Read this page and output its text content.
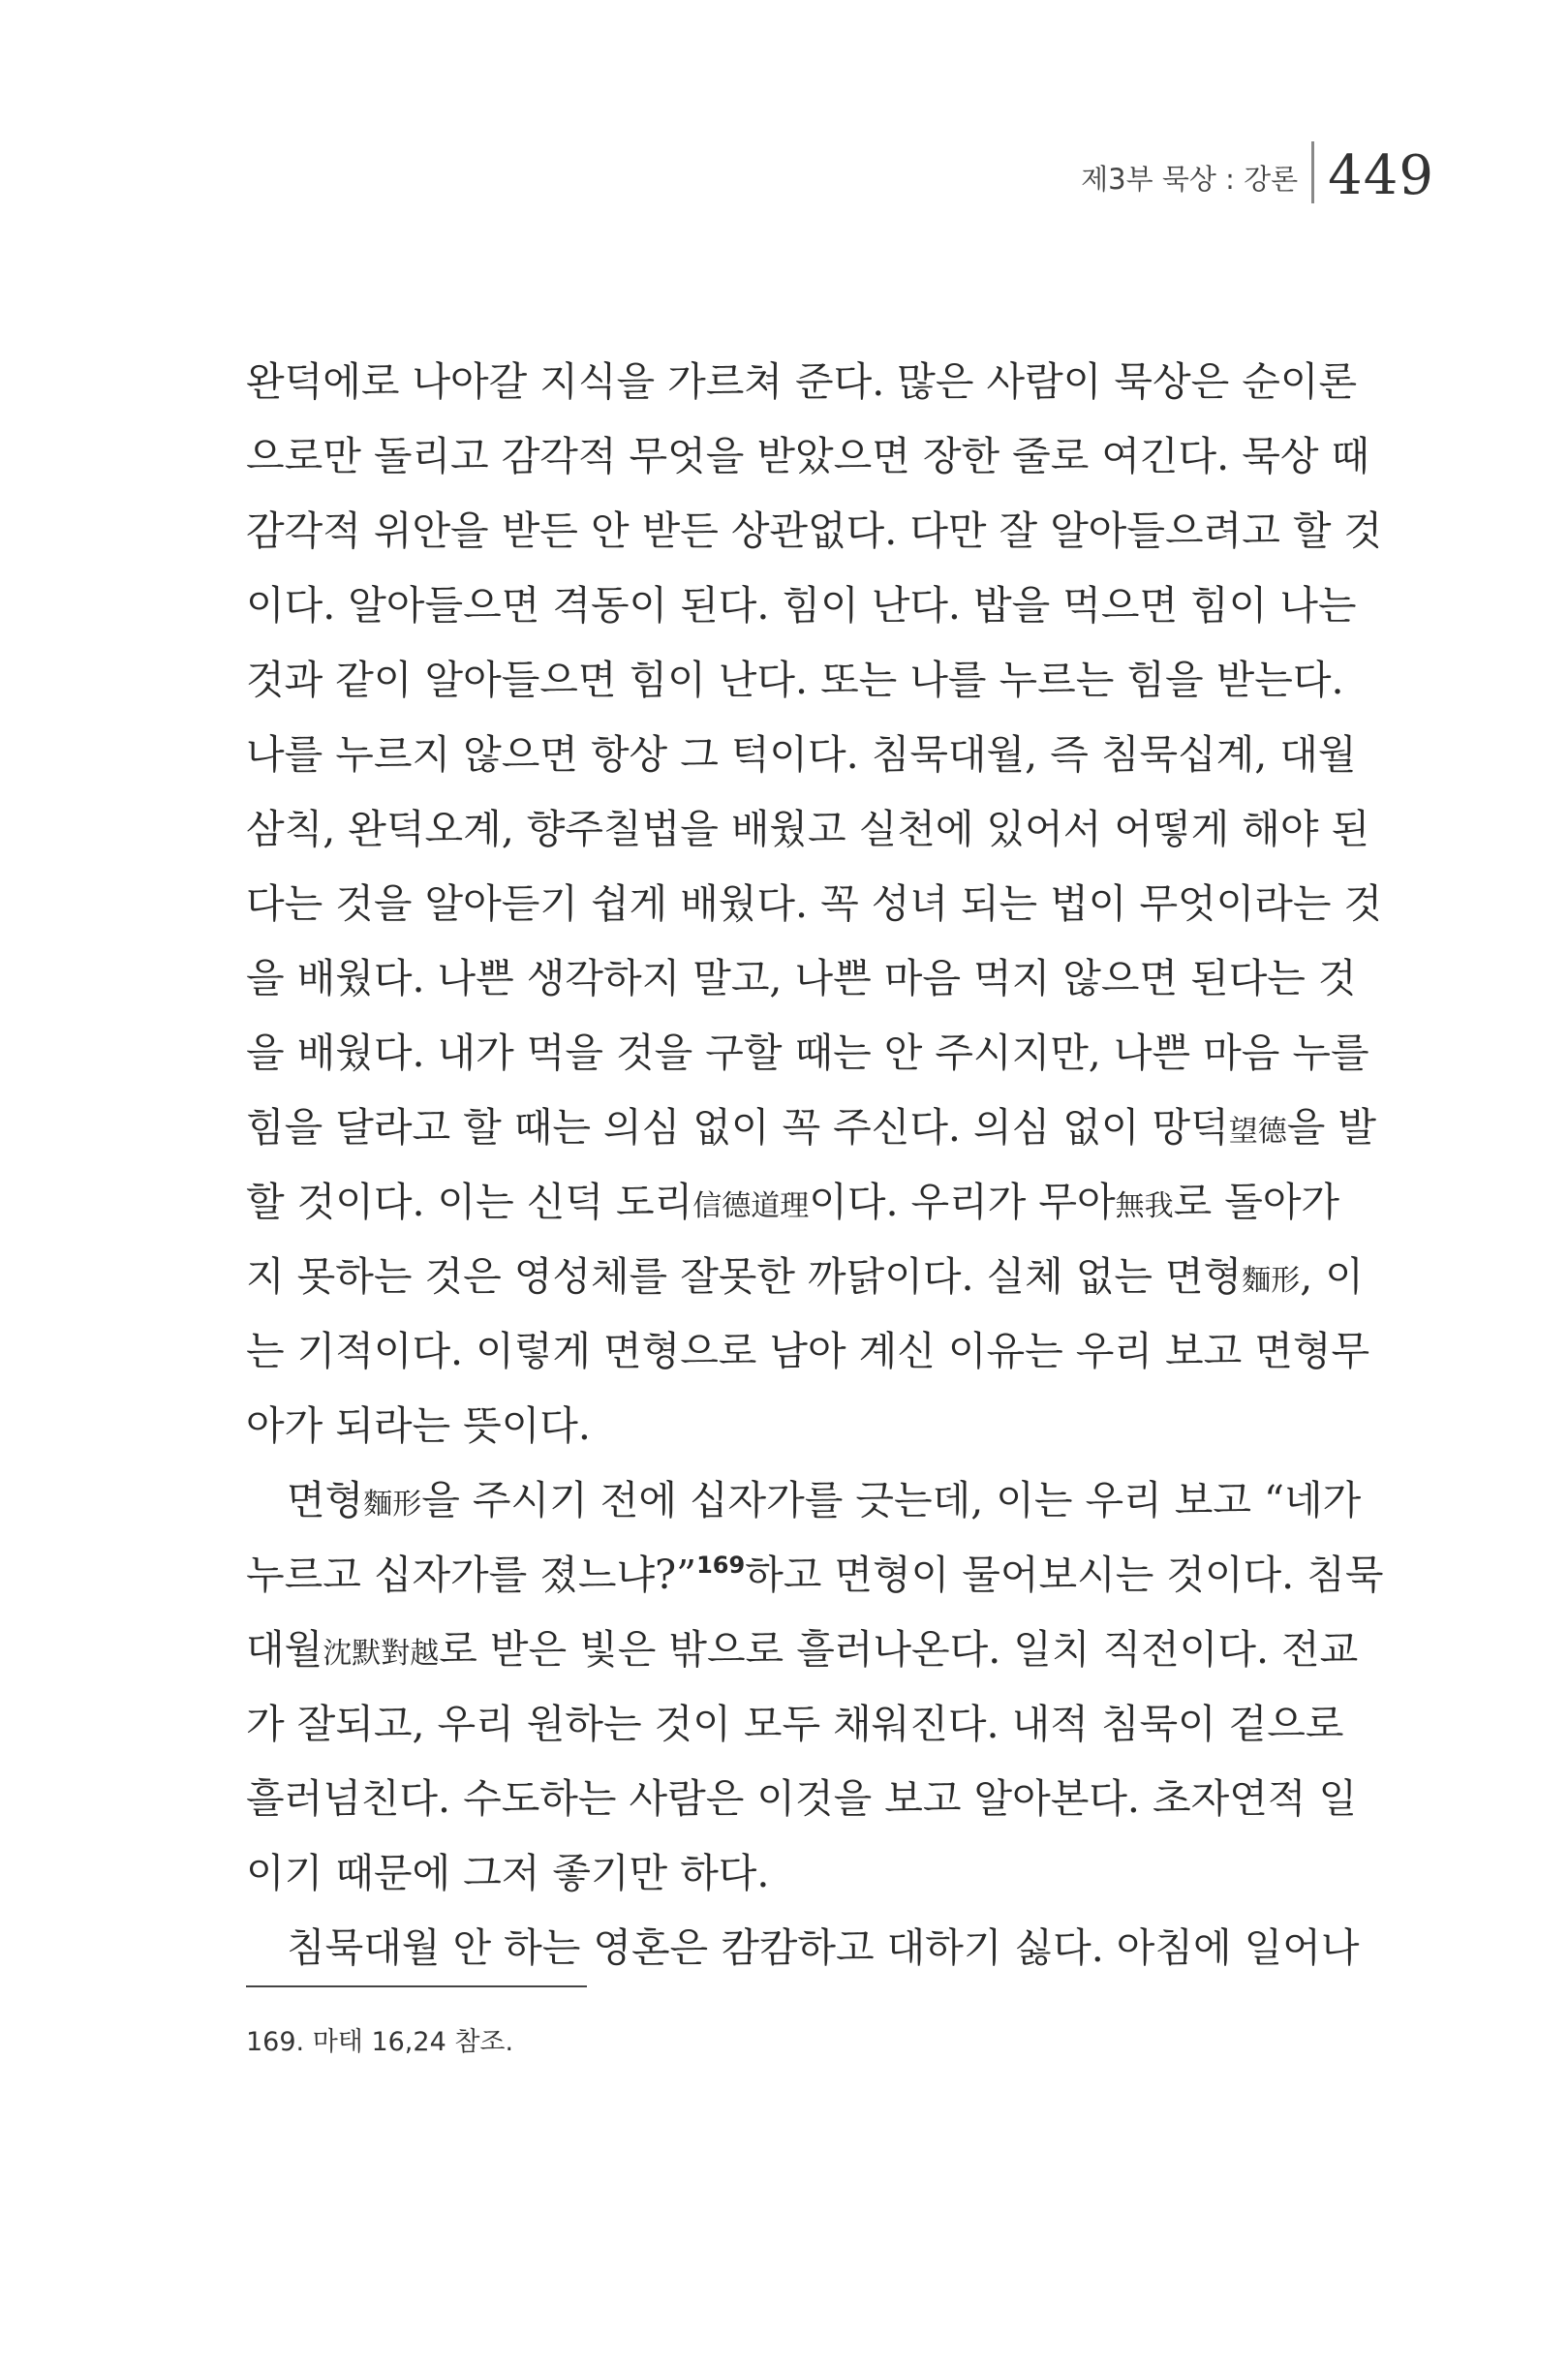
제3부 묵상 : 강론 449
완덕에로 나아갈 지식을 가르쳐 준다. 많은 사람이 묵상은 순이론
으로만 돌리고 감각적 무엇을 받았으면 장한 줄로 여긴다. 묵상 때
감각적 위안을 받든 안 받든 상관없다. 다만 잘 알아들으려고 할 것
이다. 알아들으면 격동이 된다. 힘이 난다. 밥을 먹으면 힘이 나는
것과 같이 알아들으면 힘이 난다. 또는 나를 누르는 힘을 받는다.
나를 누르지 않으면 항상 그 턱이다. 침묵대월, 즉 침묵십계, 대월
삼칙, 완덕오계, 향주칠법을 배웠고 실천에 있어서 어떻게 해야 된
다는 것을 알아듣기 쉽게 배웠다. 꼭 성녀 되는 법이 무엇이라는 것
을 배웠다. 나쁜 생각하지 말고, 나쁜 마음 먹지 않으면 된다는 것
을 배웠다. 내가 먹을 것을 구할 때는 안 주시지만, 나쁜 마음 누를
힘을 달라고 할 때는 의심 없이 꼭 주신다. 의심 없이 망덕望德을 발
할 것이다. 이는 신덕 도리信德道理이다. 우리가 무아無我로 돌아가
지 못하는 것은 영성체를 잘못한 까닭이다. 실체 없는 면형麵形, 이
는 기적이다. 이렇게 면형으로 남아 계신 이유는 우리 보고 면형무
아가 되라는 뜻이다.
면형麵形을 주시기 전에 십자가를 긋는데, 이는 우리 보고 “네가
누르고 십자가를 졌느냐?”$^{169}$하고 면형이 물어보시는 것이다. 침묵
대월沈默對越로 받은 빛은 밖으로 흘러나온다. 일치 직전이다. 전교
가 잘되고, 우리 원하는 것이 모두 채워진다. 내적 침묵이 겉으로
흘러넘친다. 수도하는 사람은 이것을 보고 알아본다. 초자연적 일
이기 때문에 그저 좋기만 하다.
침묵대월 안 하는 영혼은 캄캄하고 대하기 싫다. 아침에 일어나
169. 마태 16,24 참조.
